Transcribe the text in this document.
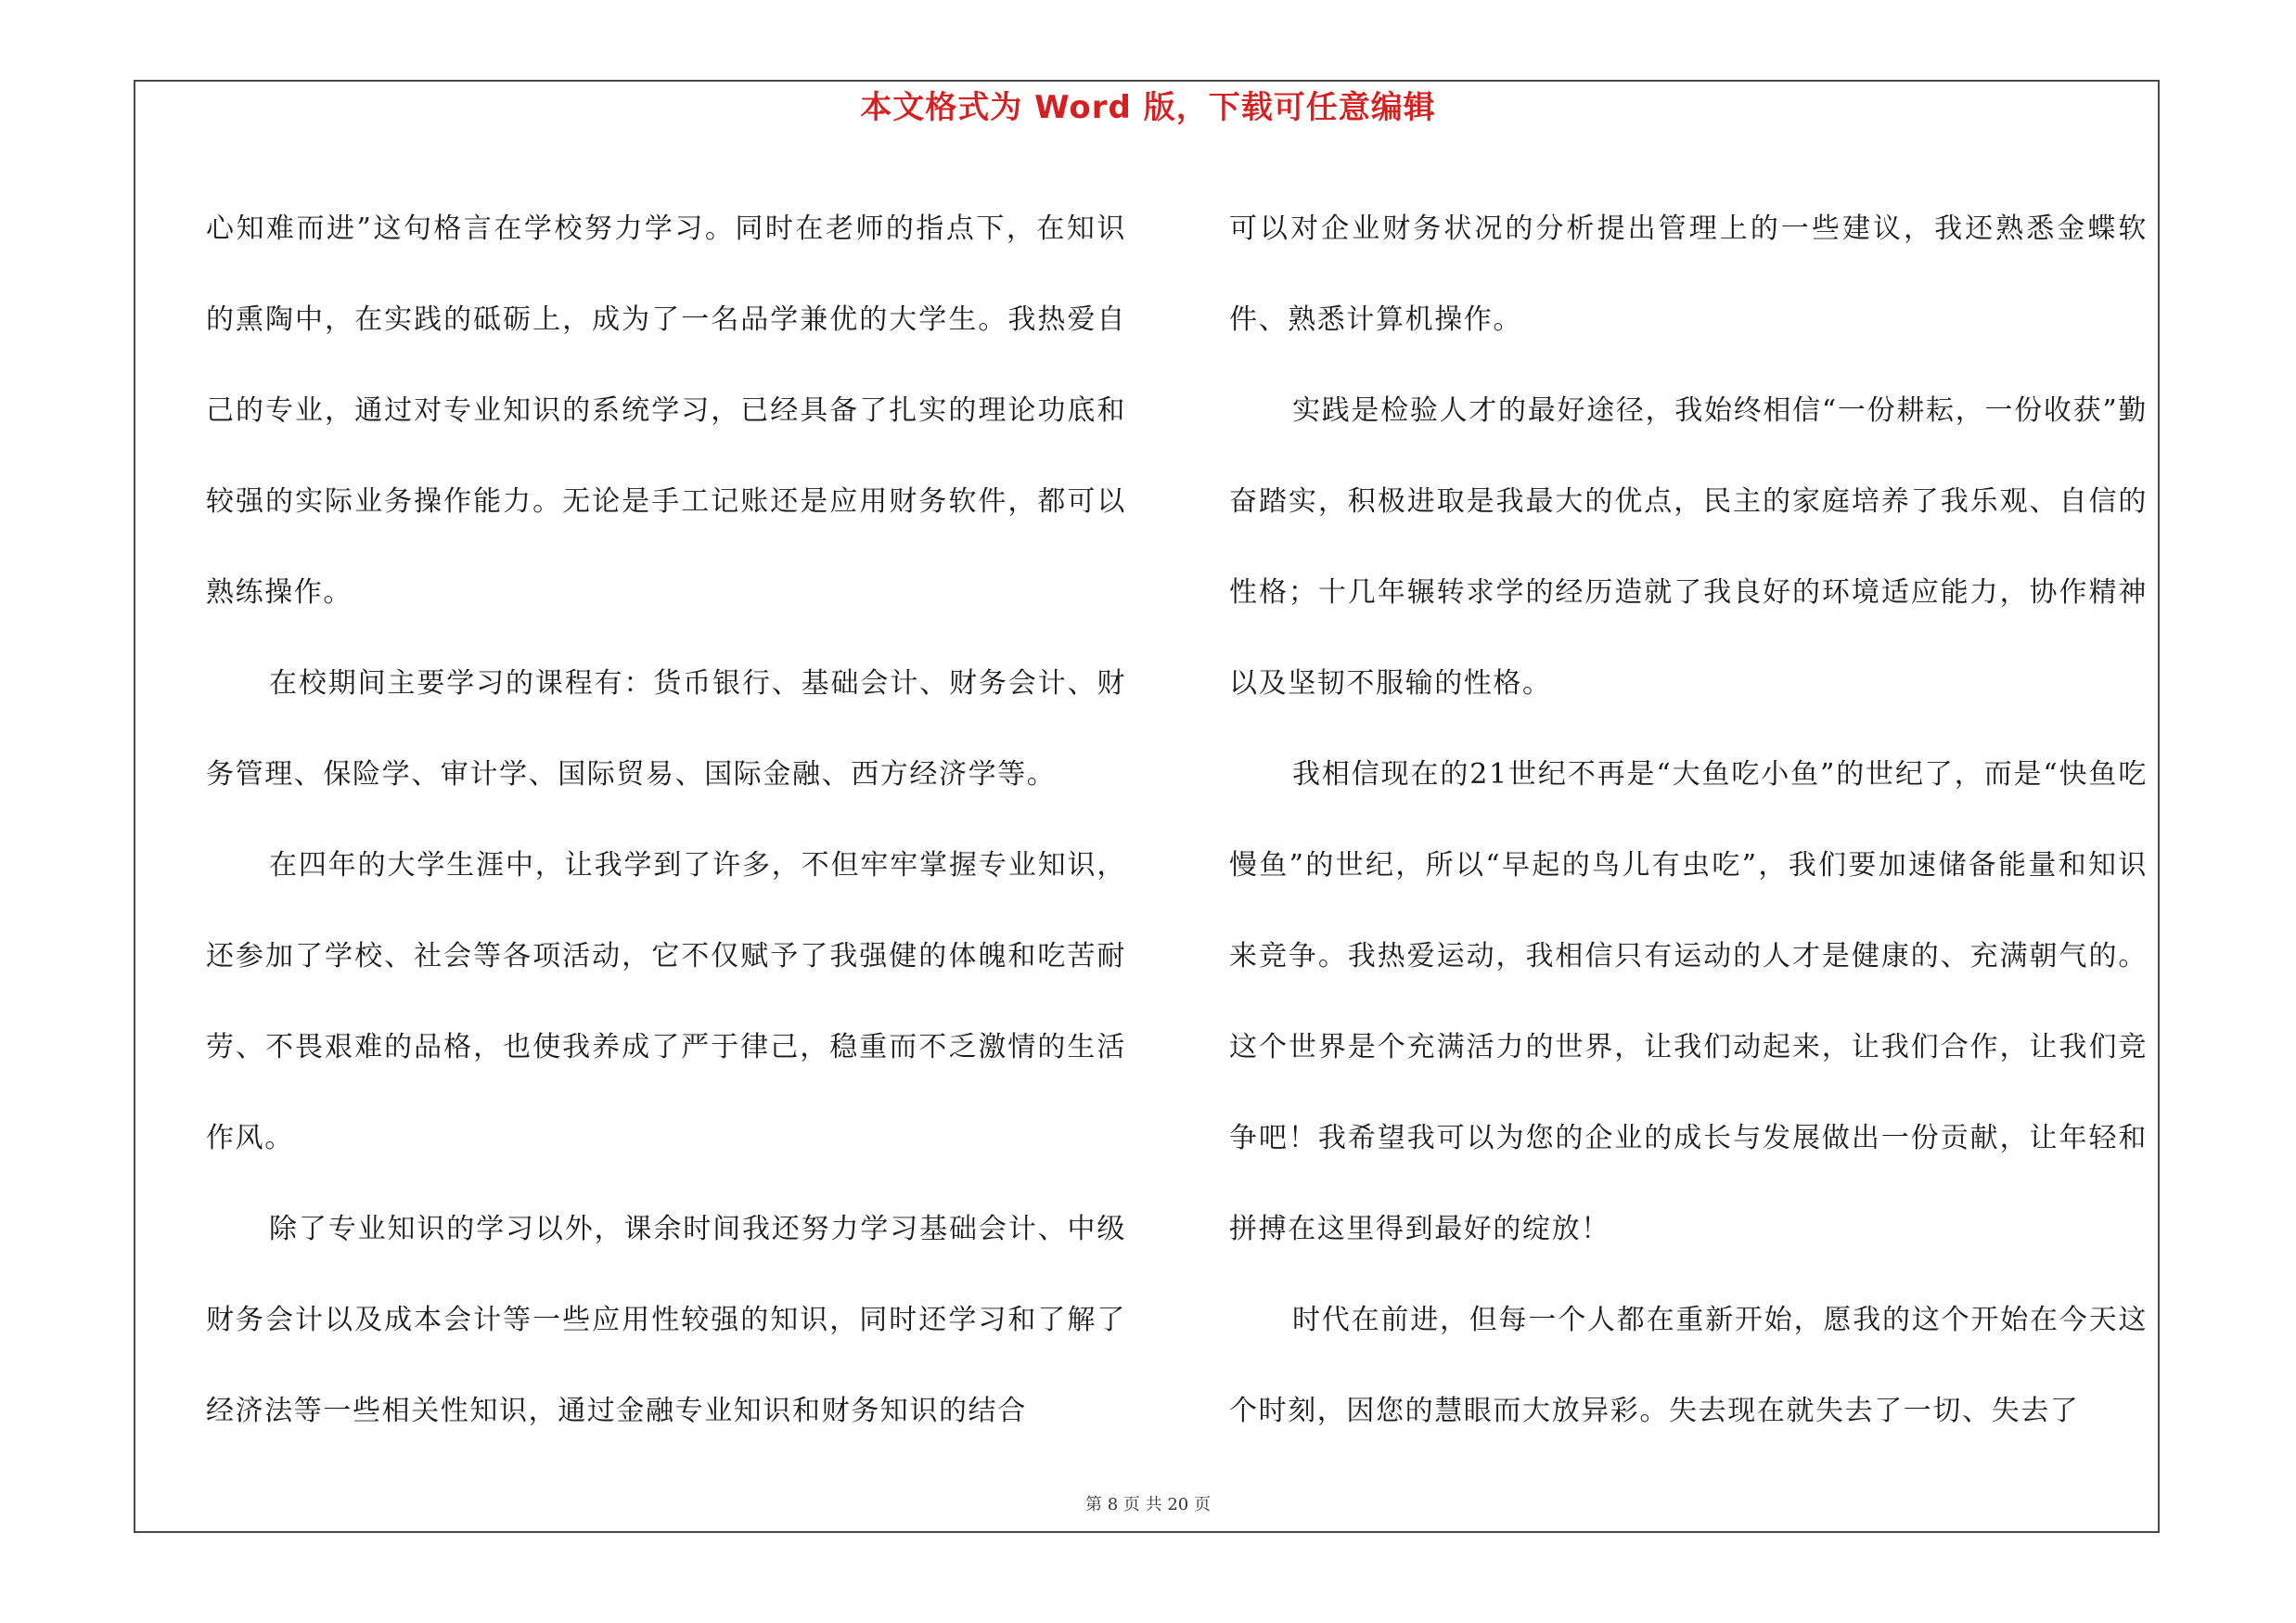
本文格式为 Word 版，下载可任意编辑

心知难而进”这句格言在学校努力学习。同时在老师的指点下，在知识的熏陶中，在实践的砥砺上，成为了一名品学兼优的大学生。我热爱自己的专业，通过对专业知识的系统学习，已经具备了扎实的理论功底和较强的实际业务操作能力。无论是手工记账还是应用财务软件，都可以熟练操作。

在校期间主要学习的课程有：货币银行、基础会计、财务会计、财务管理、保险学、审计学、国际贸易、国际金融、西方经济学等。

在四年的大学生涯中，让我学到了许多，不但牢牢掌握专业知识，还参加了学校、社会等各项活动，它不仅赋予了我强健的体魄和吃苦耐劳、不畏艰难的品格，也使我养成了严于律己，稳重而不乏激情的生活作风。

除了专业知识的学习以外，课余时间我还努力学习基础会计、中级财务会计以及成本会计等一些应用性较强的知识，同时还学习和了解了经济法等一些相关性知识，通过金融专业知识和财务知识的结合

可以对企业财务状况的分析提出管理上的一些建议，我还熟悉金蝶软件、熟悉计算机操作。

实践是检验人才的最好途径，我始终相信“一份耕耘，一份收获”勤奋踏实，积极进取是我最大的优点，民主的家庭培养了我乐观、自信的性格；十几年辗转求学的经历造就了我良好的环境适应能力，协作精神以及坚韧不服输的性格。

我相信现在的21世纪不再是“大鱼吃小鱼”的世纪了，而是“快鱼吃慢鱼”的世纪，所以“早起的鸟儿有虫吃”，我们要加速储备能量和知识来竞争。我热爱运动，我相信只有运动的人才是健康的、充满朝气的。这个世界是个充满活力的世界，让我们动起来，让我们合作，让我们竞争吧！我希望我可以为您的企业的成长与发展做出一份贡献，让年轻和拼搏在这里得到最好的绽放！

时代在前进，但每一个人都在重新开始，愿我的这个开始在今天这个时刻，因您的慧眼而大放异彩。失去现在就失去了一切、失去了

第 8 页 共 20 页
